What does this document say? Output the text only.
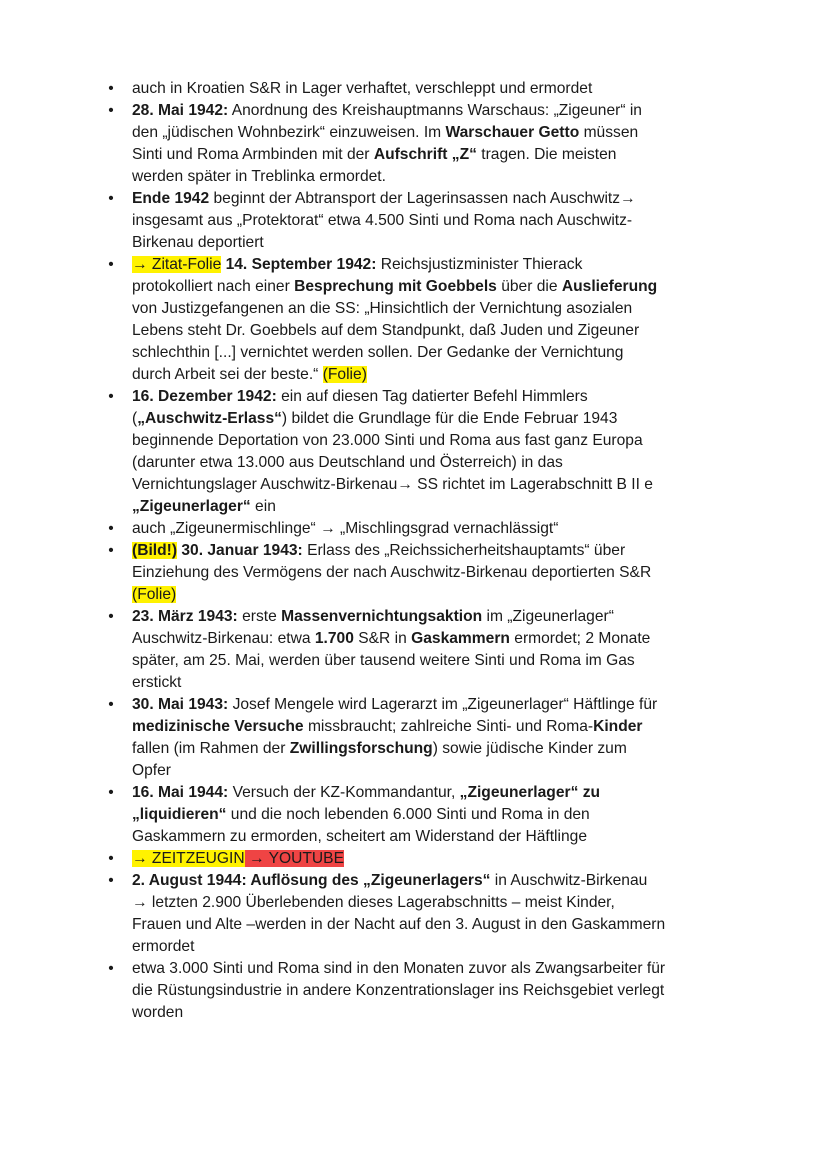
• auch in Kroatien S&R in Lager verhaftet, verschleppt und ermordet
• 28. Mai 1942: Anordnung des Kreishauptmanns Warschaus: „Zigeuner“ in den „jüdischen Wohnbezirk“ einzuweisen. Im Warschauer Getto müssen Sinti und Roma Armbinden mit der Aufschrift „Z“ tragen. Die meisten werden später in Treblinka ermordet.
• Ende 1942 beginnt der Abtransport der Lagerinsassen nach Auschwitz→ insgesamt aus „Protektorat“ etwa 4.500 Sinti und Roma nach Auschwitz-Birkenau deportiert
• → Zitat-Folie 14. September 1942: Reichsjustizminister Thierack protokolliert nach einer Besprechung mit Goebbels über die Auslieferung von Justizgefangenen an die SS: „Hinsichtlich der Vernichtung asozialen Lebens steht Dr. Goebbels auf dem Standpunkt, daß Juden und Zigeuner schlechthin [...] vernichtet werden sollen. Der Gedanke der Vernichtung durch Arbeit sei der beste.“ (Folie)
• 16. Dezember 1942: ein auf diesen Tag datierter Befehl Himmlers („Auschwitz-Erlass“) bildet die Grundlage für die Ende Februar 1943 beginnende Deportation von 23.000 Sinti und Roma aus fast ganz Europa (darunter etwa 13.000 aus Deutschland und Österreich) in das Vernichtungslager Auschwitz-Birkenau→ SS richtet im Lagerabschnitt B II e „Zigeunerlager“ ein
• auch „Zigeunermischlinge“ → „Mischlingsgrad vernachlässigt“
• (Bild!) 30. Januar 1943: Erlass des „Reichssicherheitshauptamts“ über Einziehung des Vermögens der nach Auschwitz-Birkenau deportierten S&R (Folie)
• 23. März 1943: erste Massenvernichtungsaktion im „Zigeunerlager“ Auschwitz-Birkenau: etwa 1.700 S&R in Gaskammern ermordet; 2 Monate später, am 25. Mai, werden über tausend weitere Sinti und Roma im Gas erstickt
• 30. Mai 1943: Josef Mengele wird Lagerarzt im „Zigeunerlager“ Häftlinge für medizinische Versuche missbraucht; zahlreiche Sinti- und Roma-Kinder fallen (im Rahmen der Zwillingsforschung) sowie jüdische Kinder zum Opfer
• 16. Mai 1944: Versuch der KZ-Kommandantur, „Zigeunerlager“ zu „liquidieren“ und die noch lebenden 6.000 Sinti und Roma in den Gaskammern zu ermorden, scheitert am Widerstand der Häftlinge
• → ZEITZEUGIN → YOUTUBE
• 2. August 1944: Auflösung des „Zigeunerlagers“ in Auschwitz-Birkenau → letzten 2.900 Überlebenden dieses Lagerabschnitts – meist Kinder, Frauen und Alte –werden in der Nacht auf den 3. August in den Gaskammern ermordet
• etwa 3.000 Sinti und Roma sind in den Monaten zuvor als Zwangsarbeiter für die Rüstungsindustrie in andere Konzentrationslager ins Reichsgebiet verlegt worden
